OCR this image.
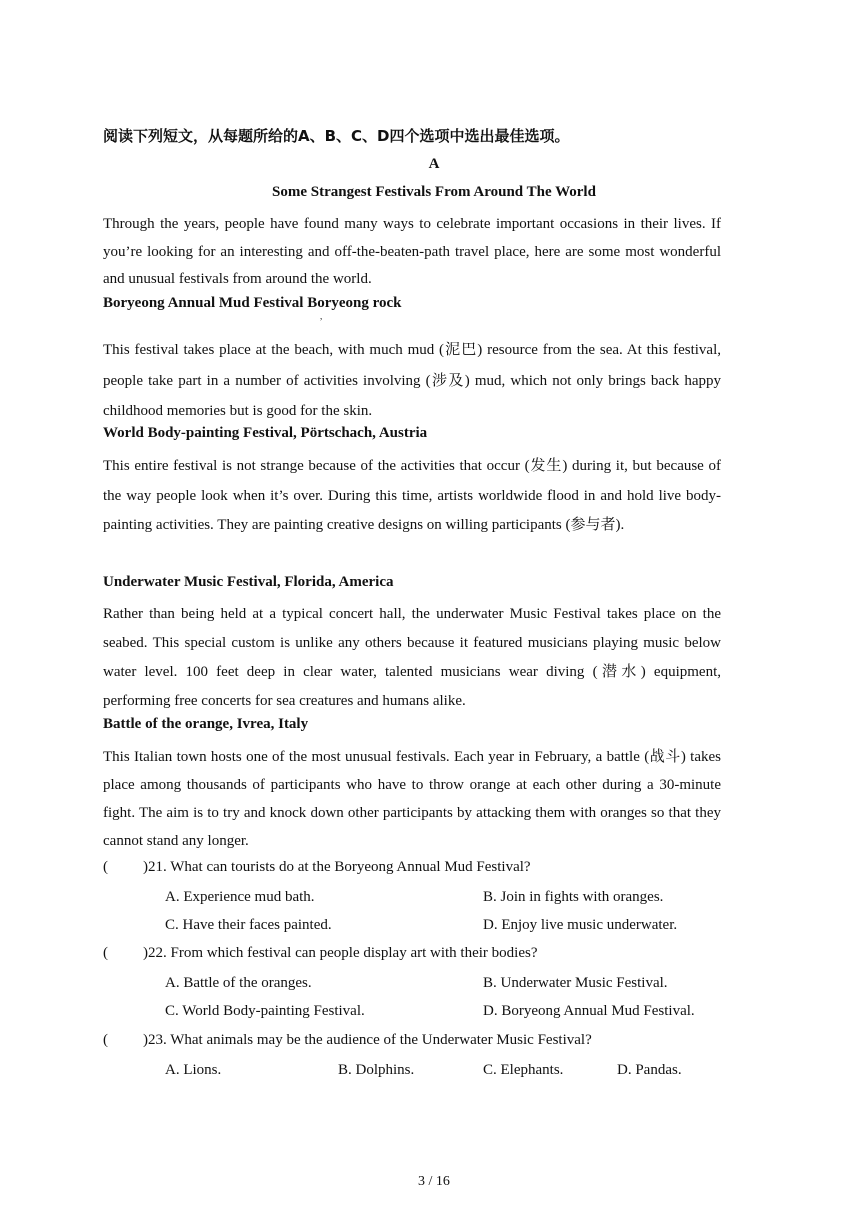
阅读下列短文，从每题所给的A、B、C、D四个选项中选出最佳选项。
A
Some Strangest Festivals From Around The World
Through the years, people have found many ways to celebrate important occasions in their lives. If you’re looking for an interesting and off-the-beaten-path travel place, here are some most wonderful and unusual festivals from around the world.
Boryeong Annual Mud Festival Boryeong rock
,
This festival takes place at the beach, with much mud (泥巴) resource from the sea. At this festival, people take part in a number of activities involving (涉及) mud, which not only brings back happy childhood memories but is good for the skin.
World Body-painting Festival, Pörtschach, Austria
This entire festival is not strange because of the activities that occur (发生) during it, but because of the way people look when it’s over. During this time, artists worldwide flood in and hold live body-painting activities. They are painting creative designs on willing participants (参与者).
Underwater Music Festival, Florida, America
Rather than being held at a typical concert hall, the underwater Music Festival takes place on the seabed. This special custom is unlike any others because it featured musicians playing music below water level. 100 feet deep in clear water, talented musicians wear diving (潜水) equipment, performing free concerts for sea creatures and humans alike.
Battle of the orange, Ivrea, Italy
This Italian town hosts one of the most unusual festivals. Each year in February, a battle (战斗) takes place among thousands of participants who have to throw orange at each other during a 30-minute fight. The aim is to try and knock down other participants by attacking them with oranges so that they cannot stand any longer.
( ) 21. What can tourists do at the Boryeong Annual Mud Festival?
A. Experience mud bath.	B. Join in fights with oranges.
C. Have their faces painted.	D. Enjoy live music underwater.
( ) 22. From which festival can people display art with their bodies?
A. Battle of the oranges.	B. Underwater Music Festival.
C. World Body-painting Festival.	D. Boryeong Annual Mud Festival.
( ) 23. What animals may be the audience of the Underwater Music Festival?
A. Lions.	B. Dolphins.	C. Elephants.	D. Pandas.
3 / 16
